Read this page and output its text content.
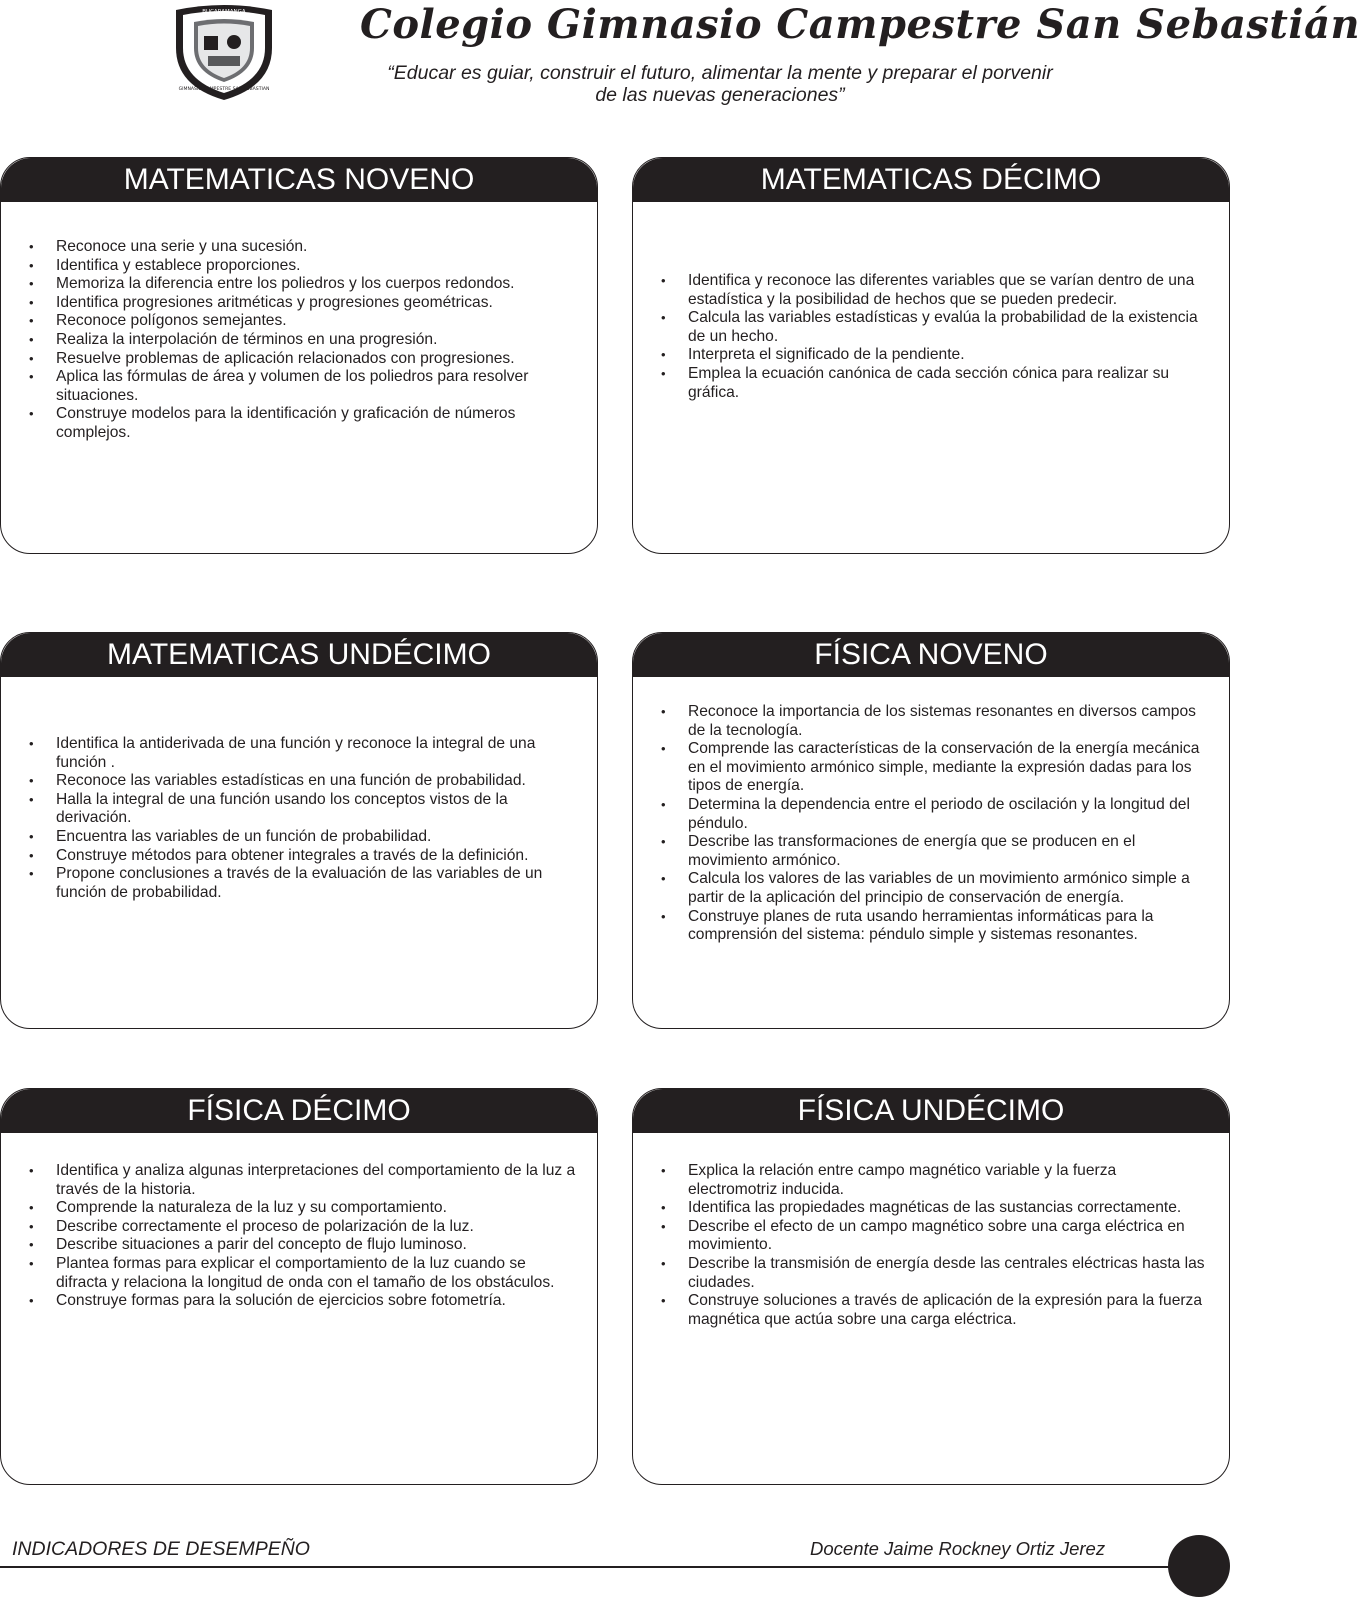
BUCARAMANGA
GIMNASIO CAMPESTRE SAN SEBASTIAN
Colegio Gimnasio Campestre San Sebastián

“Educar es guiar, construir el futuro, alimentar la mente y preparar el porvenir
de las nuevas generaciones”

MATEMATICAS NOVENO
• Reconoce una serie y una sucesión.
• Identifica y establece proporciones.
• Memoriza la diferencia entre los poliedros y los cuerpos redondos.
• Identifica progresiones aritméticas y progresiones geométricas.
• Reconoce polígonos semejantes.
• Realiza la interpolación de términos en una progresión.
• Resuelve problemas de aplicación relacionados con progresiones.
• Aplica las fórmulas de área y volumen de los poliedros para resolver situaciones.
• Construye modelos para la identificación y graficación de números complejos.
MATEMATICAS DÉCIMO
• Identifica y reconoce las diferentes variables que se varían dentro de una estadística y la posibilidad de hechos que se pueden predecir.
• Calcula las variables estadísticas y evalúa la probabilidad de la existencia de un hecho.
• Interpreta el significado de la pendiente.
• Emplea la ecuación canónica de cada sección cónica para realizar su gráfica.
MATEMATICAS UNDÉCIMO
• Identifica la antiderivada de una función y reconoce la integral de una función .
• Reconoce las variables estadísticas en una función de probabilidad.
• Halla la integral de una función usando los conceptos vistos de la derivación.
• Encuentra las variables de un función de probabilidad.
• Construye métodos para obtener integrales a través de la definición.
• Propone conclusiones a través de la evaluación de las variables de un función de probabilidad.
FÍSICA NOVENO
• Reconoce la importancia de los sistemas resonantes en diversos campos de la tecnología.
• Comprende las características de la conservación de la energía mecánica en el movimiento armónico simple, mediante la expresión dadas para los tipos de energía.
• Determina la dependencia entre el periodo de oscilación y la longitud del péndulo.
• Describe las transformaciones de energía que se producen en el movimiento armónico.
• Calcula los valores de las variables de un movimiento armónico simple a partir de la aplicación del principio de conservación de energía.
• Construye planes de ruta usando herramientas informáticas para la comprensión del sistema: péndulo simple y sistemas resonantes.
FÍSICA DÉCIMO
• Identifica y analiza algunas interpretaciones del comportamiento de la luz a través de la historia.
• Comprende la naturaleza de la luz y su comportamiento.
• Describe correctamente el proceso de polarización de la luz.
• Describe situaciones a parir del concepto de flujo luminoso.
• Plantea formas para explicar el comportamiento de la luz cuando se difracta y relaciona la longitud de onda con el tamaño de los obstáculos.
• Construye formas para la solución de ejercicios sobre fotometría.
FÍSICA UNDÉCIMO
• Explica la relación entre campo magnético variable y la fuerza electromotriz inducida.
• Identifica las propiedades magnéticas de las sustancias correctamente.
• Describe el efecto de un campo magnético sobre una carga eléctrica en movimiento.
• Describe la transmisión de energía desde las centrales eléctricas hasta las ciudades.
• Construye soluciones a través de aplicación de la expresión para la fuerza magnética que actúa sobre una carga eléctrica.

INDICADORES DE DESEMPEÑO	Docente Jaime Rockney Ortiz Jerez
